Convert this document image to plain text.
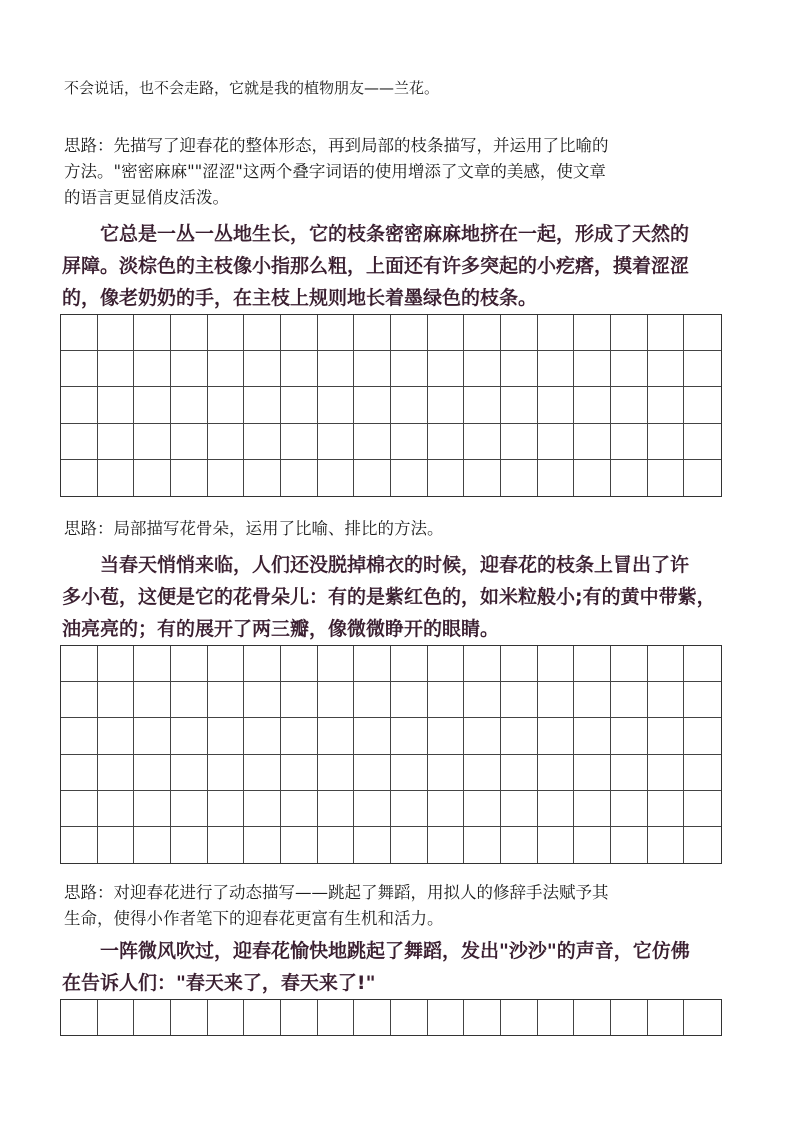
不会说话，也不会走路，它就是我的植物朋友——兰花。
思路：先描写了迎春花的整体形态，再到局部的枝条描写，并运用了比喻的
方法。"密密麻麻""涩涩"这两个叠字词语的使用增添了文章的美感，使文章
的语言更显俏皮活泼。
　　它总是一丛一丛地生长，它的枝条密密麻麻地挤在一起，形成了天然的
屏障。淡棕色的主枝像小指那么粗，上面还有许多突起的小疙瘩，摸着涩涩
的，像老奶奶的手，在主枝上规则地长着墨绿色的枝条。
思路：局部描写花骨朵，运用了比喻、排比的方法。
　　当春天悄悄来临，人们还没脱掉棉衣的时候，迎春花的枝条上冒出了许
多小苞，这便是它的花骨朵儿：有的是紫红色的，如米粒般小;有的黄中带紫，
油亮亮的；有的展开了两三瓣，像微微睁开的眼睛。
思路：对迎春花进行了动态描写——跳起了舞蹈，用拟人的修辞手法赋予其
生命，使得小作者笔下的迎春花更富有生机和活力。
　　一阵微风吹过，迎春花愉快地跳起了舞蹈，发出"沙沙"的声音，它仿佛
在告诉人们："春天来了，春天来了!"
